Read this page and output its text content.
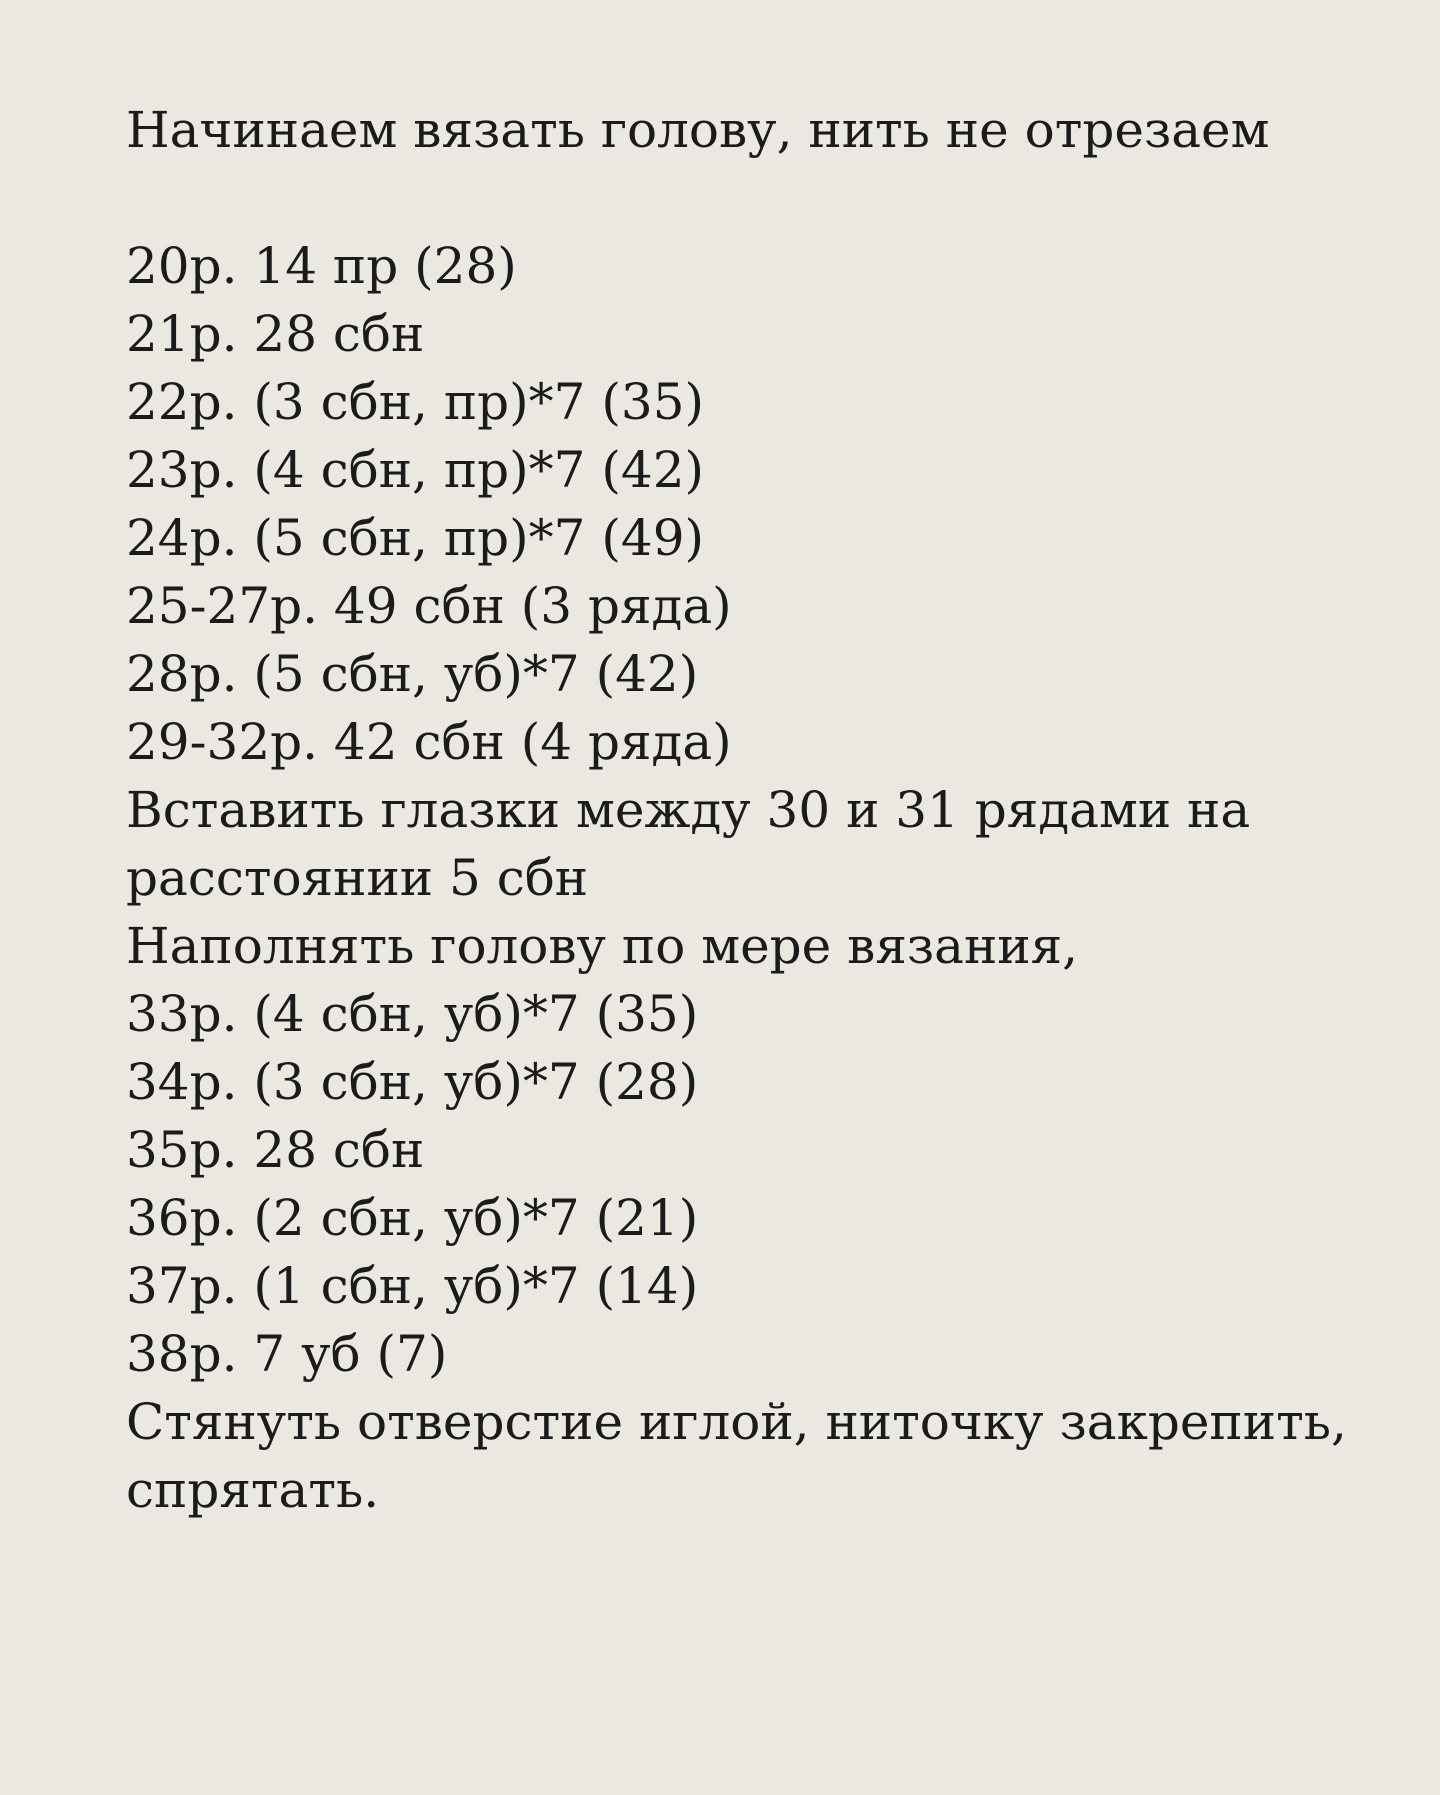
Начинаем вязать голову, нить не отрезаем
20р. 14 пр (28)
21р. 28 сбн
22р. (3 сбн, пр)*7 (35)
23р. (4 сбн, пр)*7 (42)
24р. (5 сбн, пр)*7 (49)
25-27р. 49 сбн (3 ряда)
28р. (5 сбн, уб)*7 (42)
29-32р. 42 сбн (4 ряда)
Вставить глазки между 30 и 31 рядами на
расстоянии 5 сбн
Наполнять голову по мере вязания,
33р. (4 сбн, уб)*7 (35)
34р. (3 сбн, уб)*7 (28)
35р. 28 сбн
36р. (2 сбн, уб)*7 (21)
37р. (1 сбн, уб)*7 (14)
38р. 7 уб (7)
Стянуть отверстие иглой, ниточку закрепить,
спрятать.
